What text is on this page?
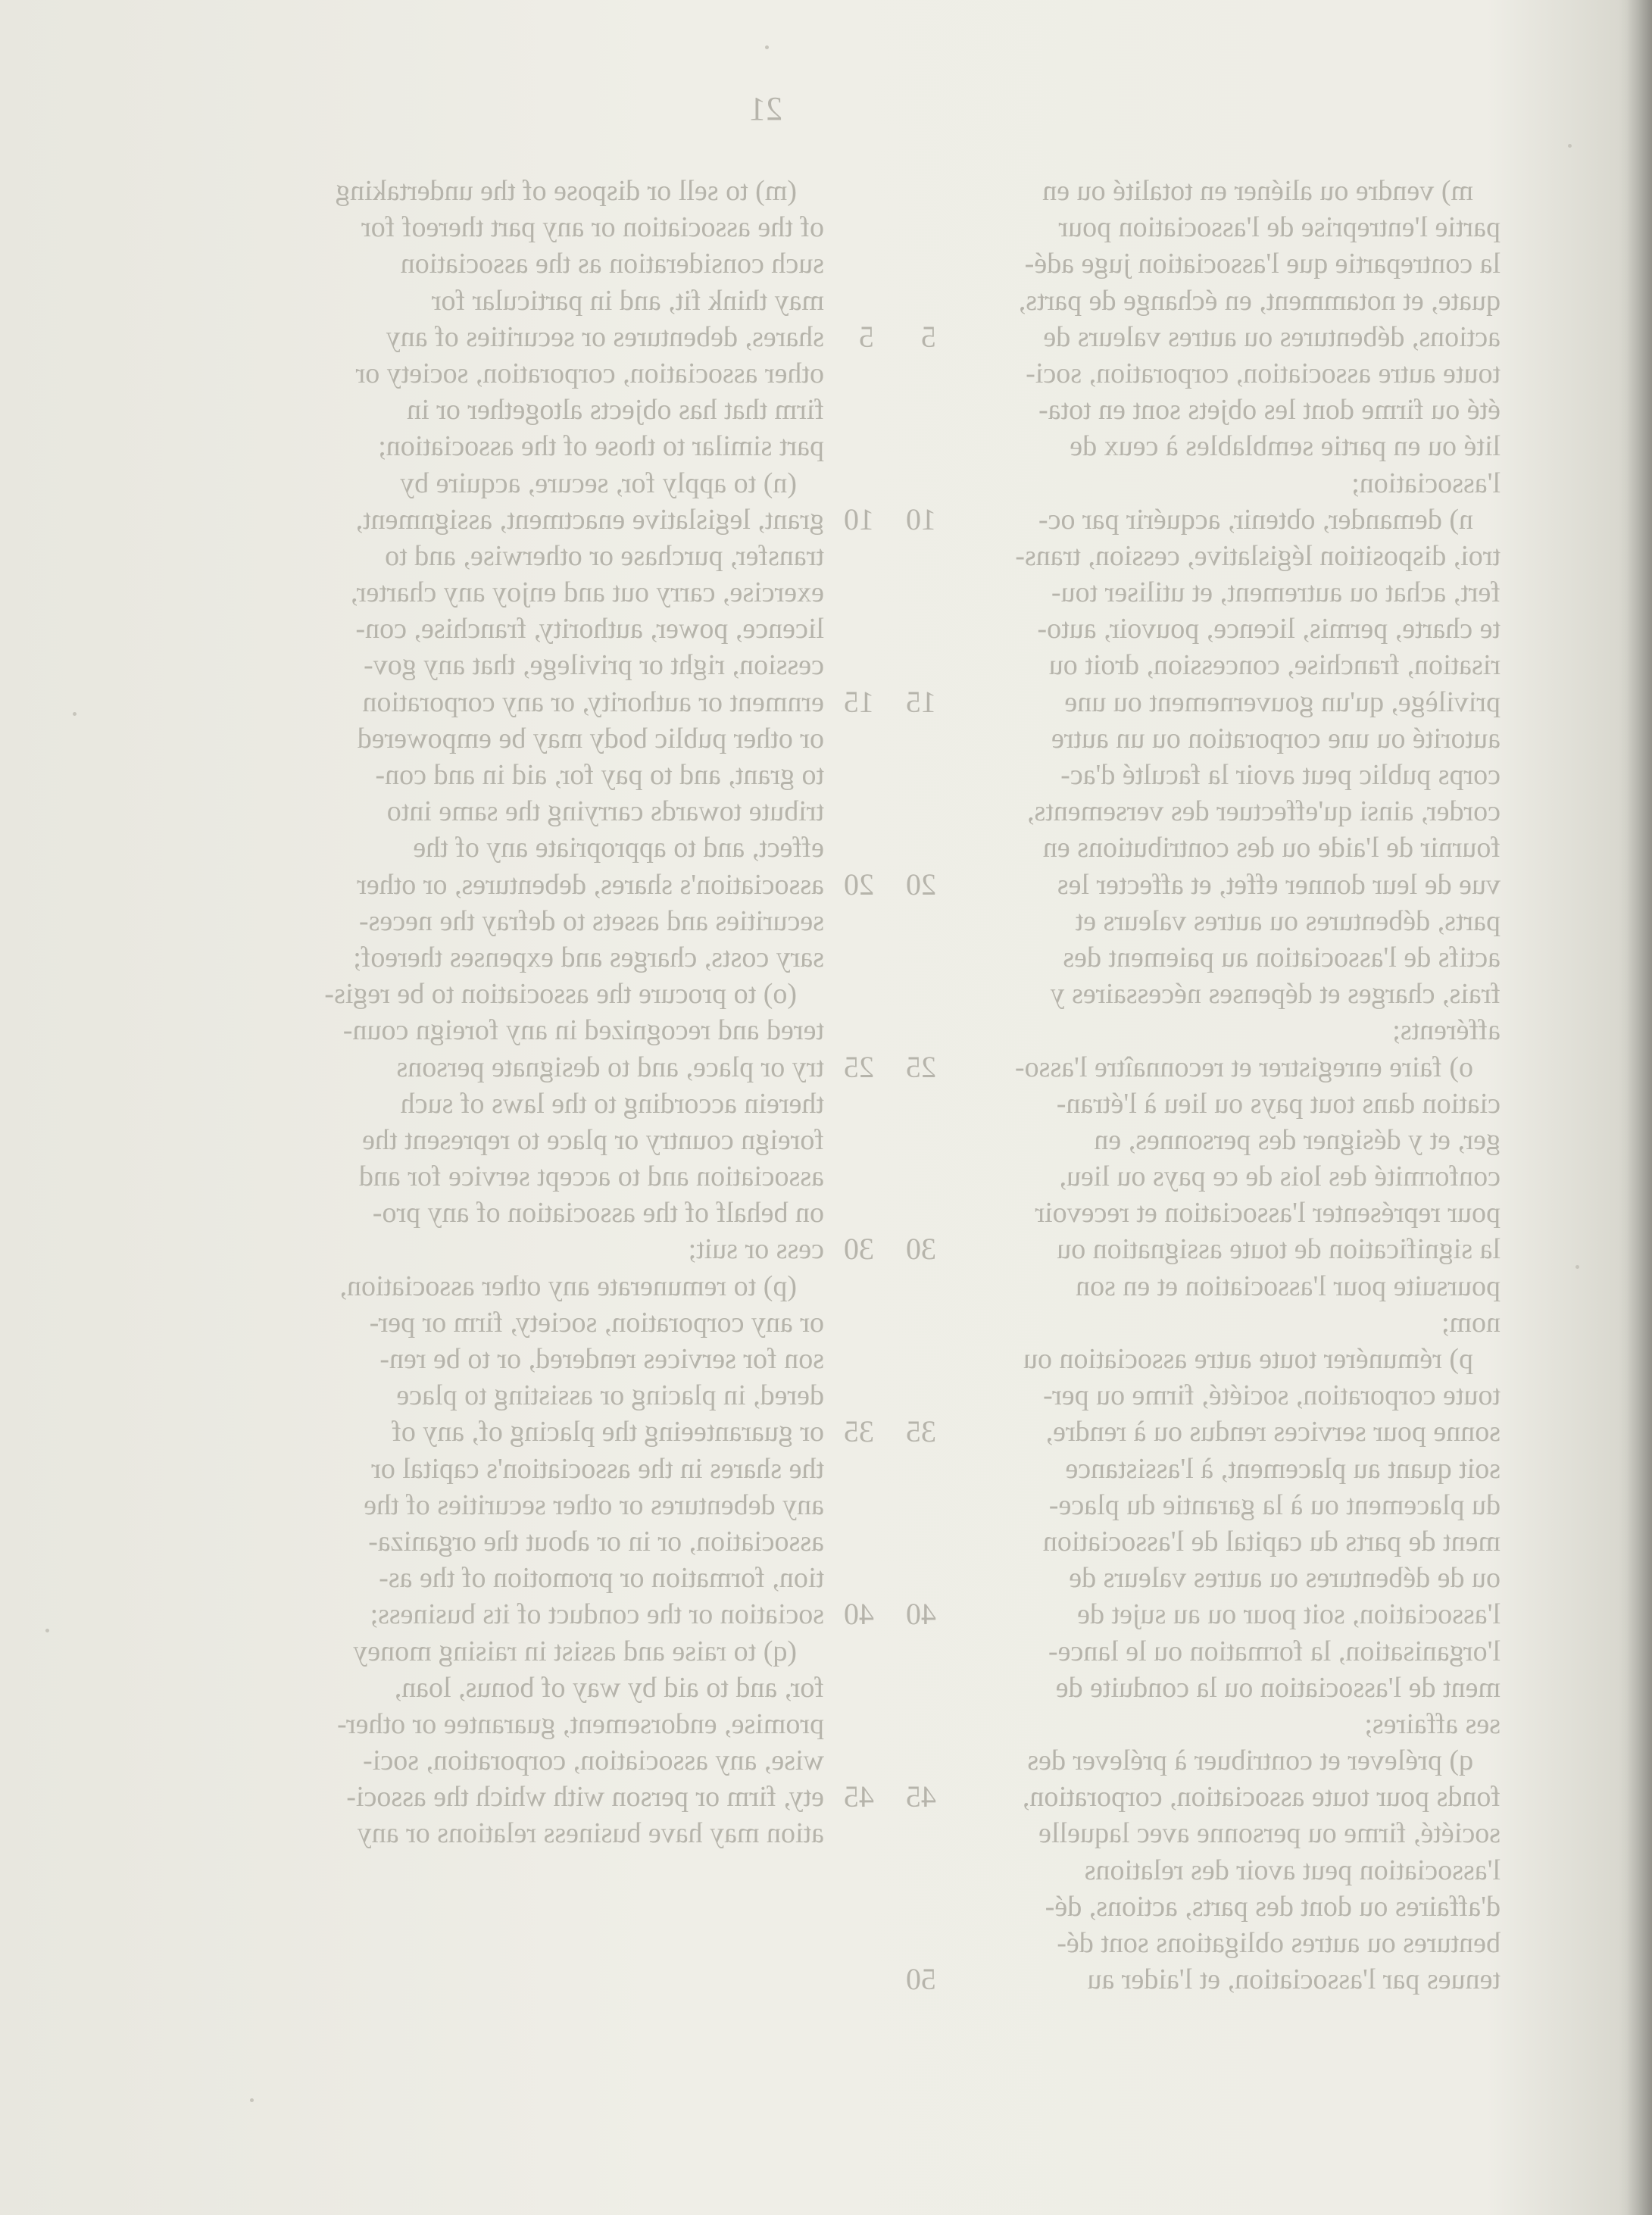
21
(m) to sell or dispose of the undertaking
of the association or any part thereof for
such consideration as the association
may think fit, and in particular for
shares, debentures or securities of any 5
other association, corporation, society or
firm that has objects altogether or in
part similar to those of the association;
(n) to apply for, secure, acquire by
grant, legislative enactment, assignment, 10
transfer, purchase or otherwise, and to
exercise, carry out and enjoy any charter,
licence, power, authority, franchise, con-
cession, right or privilege, that any gov-
ernment or authority, or any corporation 15
or other public body may be empowered
to grant, and to pay for, aid in and con-
tribute towards carrying the same into
effect, and to appropriate any of the
association's shares, debentures, or other 20
securities and assets to defray the neces-
sary costs, charges and expenses thereof;
(o) to procure the association to be regis-
tered and recognized in any foreign coun-
try or place, and to designate persons 25
therein according to the laws of such
foreign country or place to represent the
association and to accept service for and
on behalf of the association of any pro-
cess or suit; 30
(p) to remunerate any other association,
or any corporation, society, firm or per-
son for services rendered, or to be ren-
dered, in placing or assisting to place
or guaranteeing the placing of, any of 35
the shares in the association's capital or
any debentures or other securities of the
association, or in or about the organiza-
tion, formation or promotion of the as-
sociation or the conduct of its business; 40
(q) to raise and assist in raising money
for, and to aid by way of bonus, loan,
promise, endorsement, guarantee or other-
wise, any association, corporation, soci-
ety, firm or person with which the associ- 45
ation may have business relations or any
m) vendre ou aliéner en totalité ou en
partie l'entreprise de l'association pour
la contrepartie que l'association juge adé-
quate, et notamment, en échange de parts,
actions, débentures ou autres valeurs de
5
toute autre association, corporation, soci-
été ou firme dont les objets sont en tota-
lité ou en partie semblables à ceux de
l'association;
n) demander, obtenir, acquérir par oc-
10
troi, disposition législative, cession, trans-
fert, achat ou autrement, et utiliser tou-
te charte, permis, licence, pouvoir, auto-
risation, franchise, concession, droit ou
privilège, qu'un gouvernement ou une
15
autorité ou une corporation ou un autre
corps public peut avoir la faculté d'ac-
corder, ainsi qu'effectuer des versements,
fournir de l'aide ou des contributions en
vue de leur donner effet, et affecter les
20
parts, débentures ou autres valeurs et
actifs de l'association au paiement des
frais, charges et dépenses nécessaires y
afférents;
o) faire enregistrer et reconnaître l'asso-
25
ciation dans tout pays ou lieu à l'étran-
ger, et y désigner des personnes, en
conformité des lois de ce pays ou lieu,
pour représenter l'association et recevoir
la signification de toute assignation ou
30
poursuite pour l'association et en son
nom;
p) rémunérer toute autre association ou
toute corporation, société, firme ou per-
sonne pour services rendus ou à rendre,
35
soit quant au placement, à l'assistance
du placement ou à la garantie du place-
ment de parts du capital de l'association
ou de débentures ou autres valeurs de
l'association, soit pour ou au sujet de
40
l'organisation, la formation ou le lance-
ment de l'association ou la conduite de
ses affaires;
q) prélever et contribuer à prélever des
fonds pour toute association, corporation,
45
société, firme ou personne avec laquelle
l'association peut avoir des relations
d'affaires ou dont des parts, actions, dé-
bentures ou autres obligations sont dé-
tenues par l'association, et l'aider au
50
